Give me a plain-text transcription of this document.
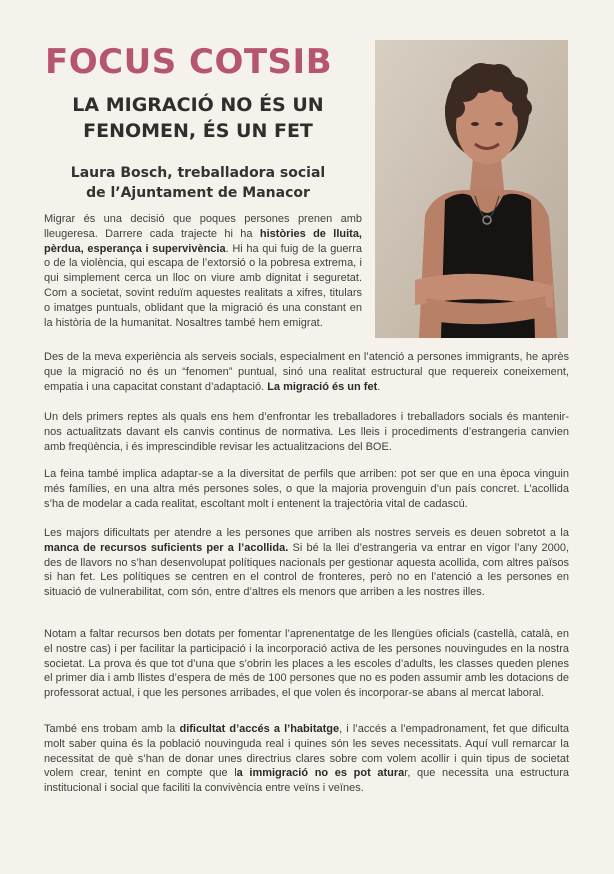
FOCUS COTSIB
LA MIGRACIÓ NO ÉS UN FENOMEN, ÉS UN FET
Laura Bosch, treballadora social
de l’Ajuntament de Manacor

Migrar és una decisió que poques persones prenen amb lleugeresa. Darrere cada trajecte hi ha històries de lluita, pèrdua, esperança i supervivència. Hi ha qui fuig de la guerra o de la violència, qui escapa de l’extorsió o la pobresa extrema, i qui simplement cerca un lloc on viure amb dignitat i seguretat. Com a societat, sovint reduïm aquestes realitats a xifres, titulars o imatges puntuals, oblidant que la migració és una constant en la història de la humanitat. Nosaltres també hem emigrat.

Des de la meva experiència als serveis socials, especialment en l’atenció a persones immigrants, he après que la migració no és un “fenomen” puntual, sinó una realitat estructural que requereix coneixement, empatia i una capacitat constant d’adaptació. La migració és un fet.

Un dels primers reptes als quals ens hem d’enfrontar les treballadores i treballadors socials és mantenir-nos actualitzats davant els canvis continus de normativa. Les lleis i procediments d’estrangeria canvien amb freqüència, i és imprescindible revisar les actualitzacions del BOE.

La feina també implica adaptar-se a la diversitat de perfils que arriben: pot ser que en una època vinguin més famílies, en una altra més persones soles, o que la majoria provenguin d’un país concret. L’acollida s’ha de modelar a cada realitat, escoltant molt i entenent la trajectòria vital de cadascú.

Les majors dificultats per atendre a les persones que arriben als nostres serveis es deuen sobretot a la manca de recursos suficients per a l’acollida. Si bé la llei d’estrangeria va entrar en vigor l’any 2000, des de llavors no s’han desenvolupat polítiques nacionals per gestionar aquesta acollida, com altres països si han fet. Les polítiques se centren en el control de fronteres, però no en l’atenció a les persones en situació de vulnerabilitat, com són, entre d’altres els menors que arriben a les nostres illes.

Notam a faltar recursos ben dotats per fomentar l’aprenentatge de les llengües oficials (castellà, català, en el nostre cas) i per facilitar la participació i la incorporació activa de les persones nouvingudes en la nostra societat. La prova és que tot d’una que s’obrin les places a les escoles d’adults, les classes queden plenes el primer dia i amb llistes d’espera de més de 100 persones que no es poden assumir amb les dotacions de professorat actual, i que les persones arribades, el que volen és incorporar-se abans al mercat laboral.

També ens trobam amb la dificultat d’accés a l’habitatge, i l’accés a l’empadronament, fet que dificulta molt saber quina és la població nouvinguda real i quines són les seves necessitats. Aquí vull remarcar la necessitat de què s’han de donar unes directrius clares sobre com volem acollir i quin tipus de societat volem crear, tenint en compte que la immigració no es pot aturar, que necessita una estructura institucional i social que faciliti la convivència entre veïns i veïnes.
